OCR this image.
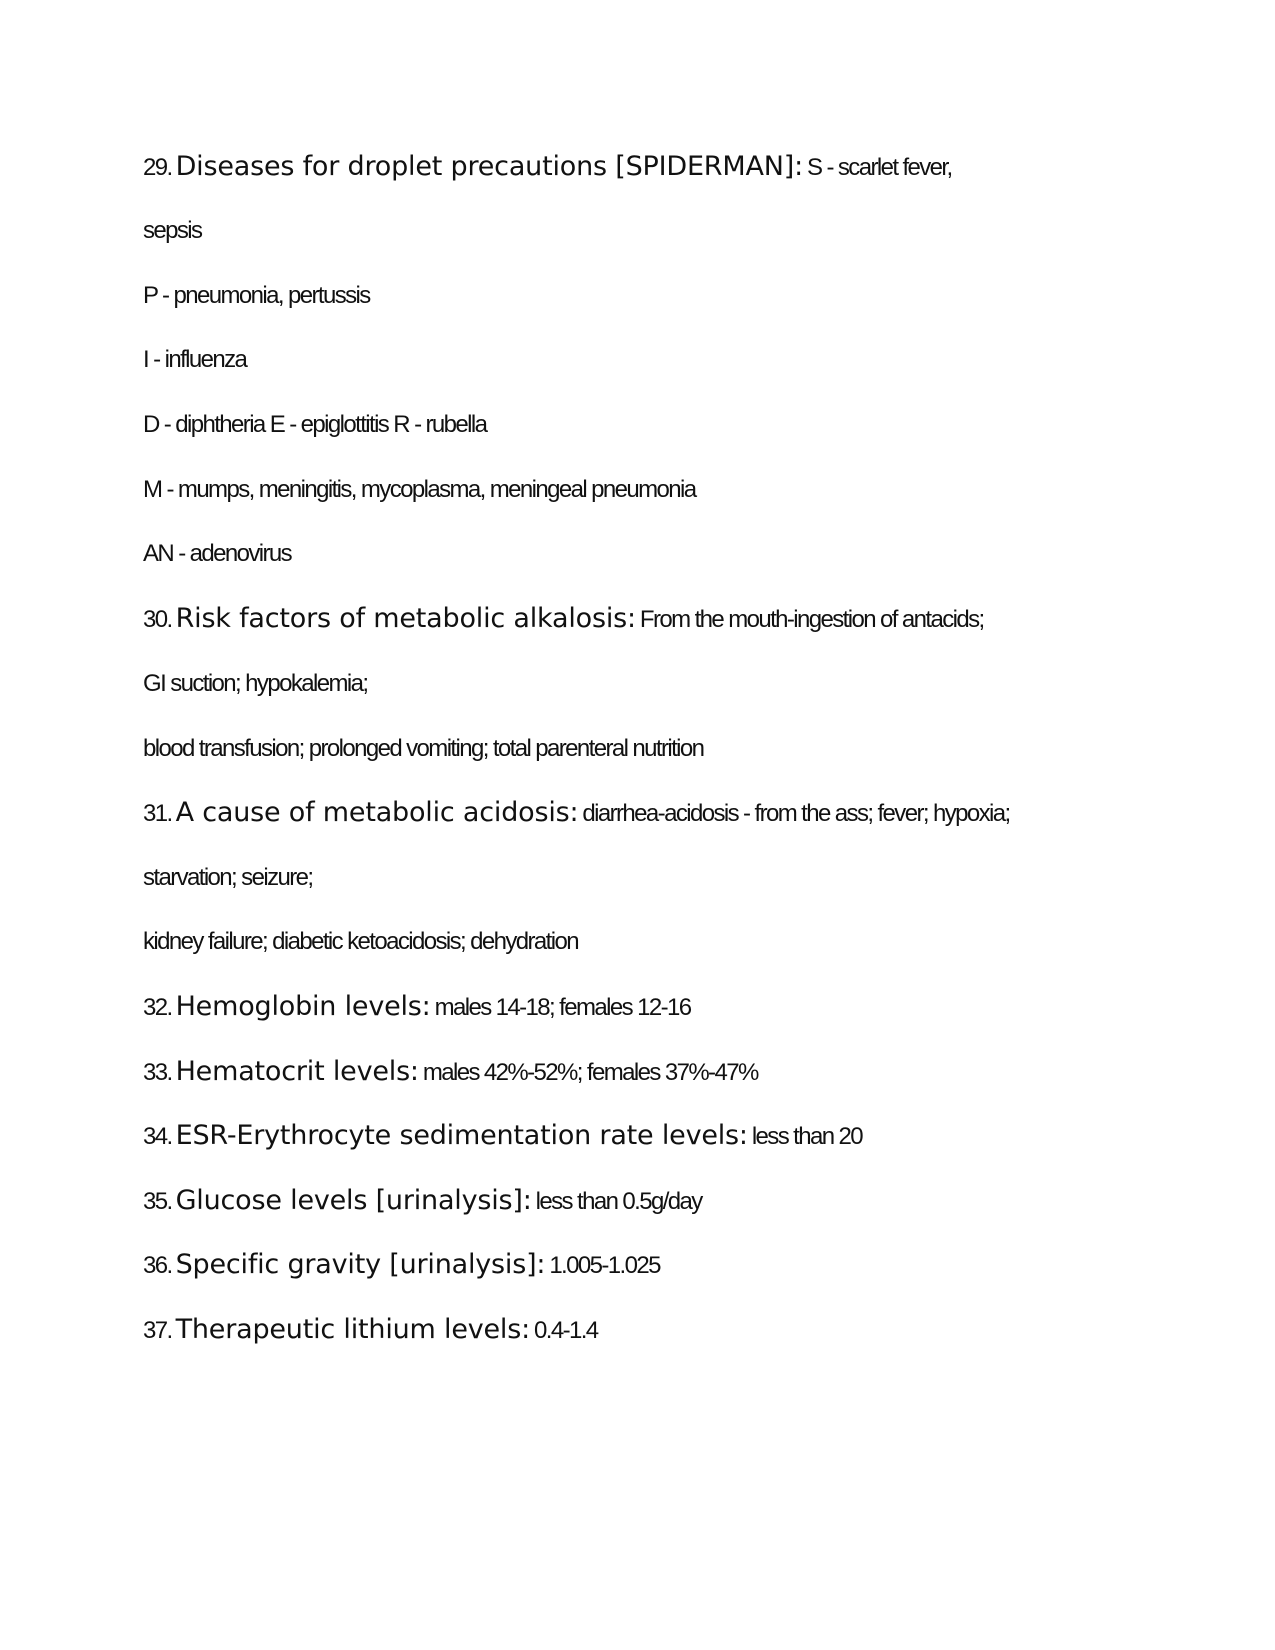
29. Diseases for droplet precautions [SPIDERMAN]: S - scarlet fever,
sepsis
P - pneumonia, pertussis
I - influenza
D - diphtheria E - epiglottitis R - rubella
M - mumps, meningitis, mycoplasma, meningeal pneumonia
AN - adenovirus
30. Risk factors of metabolic alkalosis: From the mouth-ingestion of antacids;
GI suction; hypokalemia;
blood transfusion; prolonged vomiting; total parenteral nutrition
31. A cause of metabolic acidosis: diarrhea-acidosis - from the ass; fever; hypoxia;
starvation; seizure;
kidney failure; diabetic ketoacidosis; dehydration
32. Hemoglobin levels: males 14-18; females 12-16
33. Hematocrit levels: males 42%-52%; females 37%-47%
34. ESR-Erythrocyte sedimentation rate levels: less than 20
35. Glucose levels [urinalysis]: less than 0.5g/day
36. Specific gravity [urinalysis]: 1.005-1.025
37. Therapeutic lithium levels: 0.4-1.4
